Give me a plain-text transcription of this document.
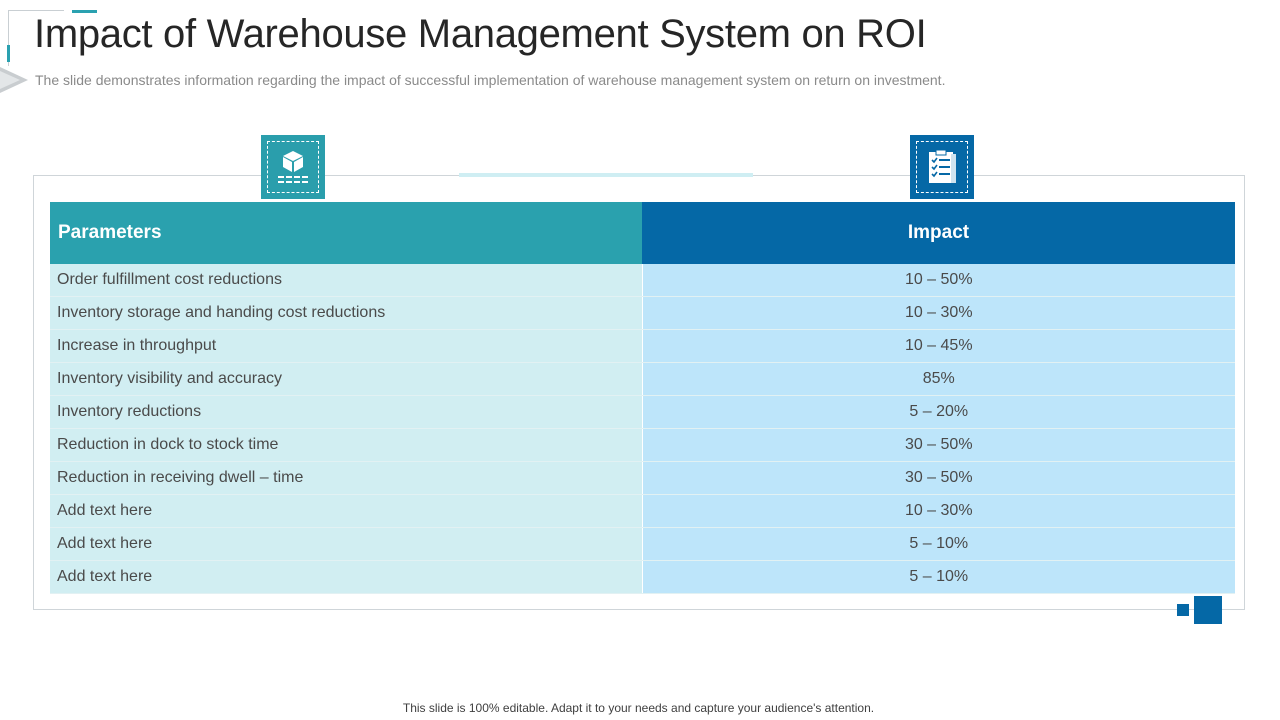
Impact of Warehouse Management System on ROI

The slide demonstrates information regarding the impact of successful implementation of warehouse management system on return on investment.

Parameters	Impact
Order fulfillment cost reductions	10 – 50%
Inventory storage and handing cost reductions	10 – 30%
Increase in throughput	10 – 45%
Inventory visibility and accuracy	85%
Inventory reductions	5 – 20%
Reduction in dock to stock time	30 – 50%
Reduction in receiving dwell – time	30 – 50%
Add text here	10 – 30%
Add text here	5 – 10%
Add text here	5 – 10%

This slide is 100% editable. Adapt it to your needs and capture your audience's attention.
